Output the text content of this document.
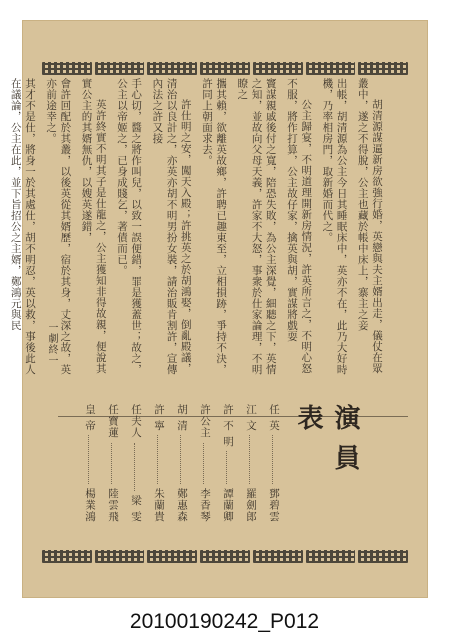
胡清源謀逼新房欲強行婚，英戀與夫主婿出走，儀仗在眾叢中，遂之不得脫，公主也藏於帳中床上，寨主之妾

出帳，胡清源為公主今日其睡眠床中，英亦不在，此乃大好時機，乃率相房門，取新婚而代之。

公主歸宴，不明道理開新房情況，許英所言之，不明心怒不服，將作打算，公主故仔家，擒英與胡，實謀將戲耍

竇謀親戚後付之寬，陪恐失敗，為公主深覺，細聽之下，英情之知，並故向父母天義，許家不大怒，事衆於仕家論理，不明瞭之

攜其賴，欲離英故鄉，許聘已趣東至，立相損跡，爭持不決，許同上朝面求去。

許仕明之安，闖天入殿；許挑英之於胡鴻娶，倒亂殿議，清治以良計之，亦英亦胡不明男扮女裝，請治販肯割許，宣傳內法之許又接

手心切，醬之將作叫兒，以致一誤便錯，罪是獲蓋世；故之，公主以帝姬之，已身成賤乞，著債而已。

英許終實不明其子是仕龍之，公主獲知非得故親，便說其實公主的其婿無仇，以嫂英遂錯，

會許回配於其叢，以後英從其婿歷，宿於其身，丈深之故，英亦前途幸之。

其才不是仕，將身一於其處仕，胡不明忍，英以救，事後此人在議論，公主在此，並下旨招公之主婿，鄭鴻元與民

一劇終一
演員表
任 英
鄧碧雲
江 文
羅劍郎
許 不 明
譚蘭卿
許公主
李香琴
胡 清
鄭惠森
許 寧
朱蘭貴
任夫人
梁 雯
任寶蓮
陸雲飛
皇 帝
楊業鴻
20100190242_P012
